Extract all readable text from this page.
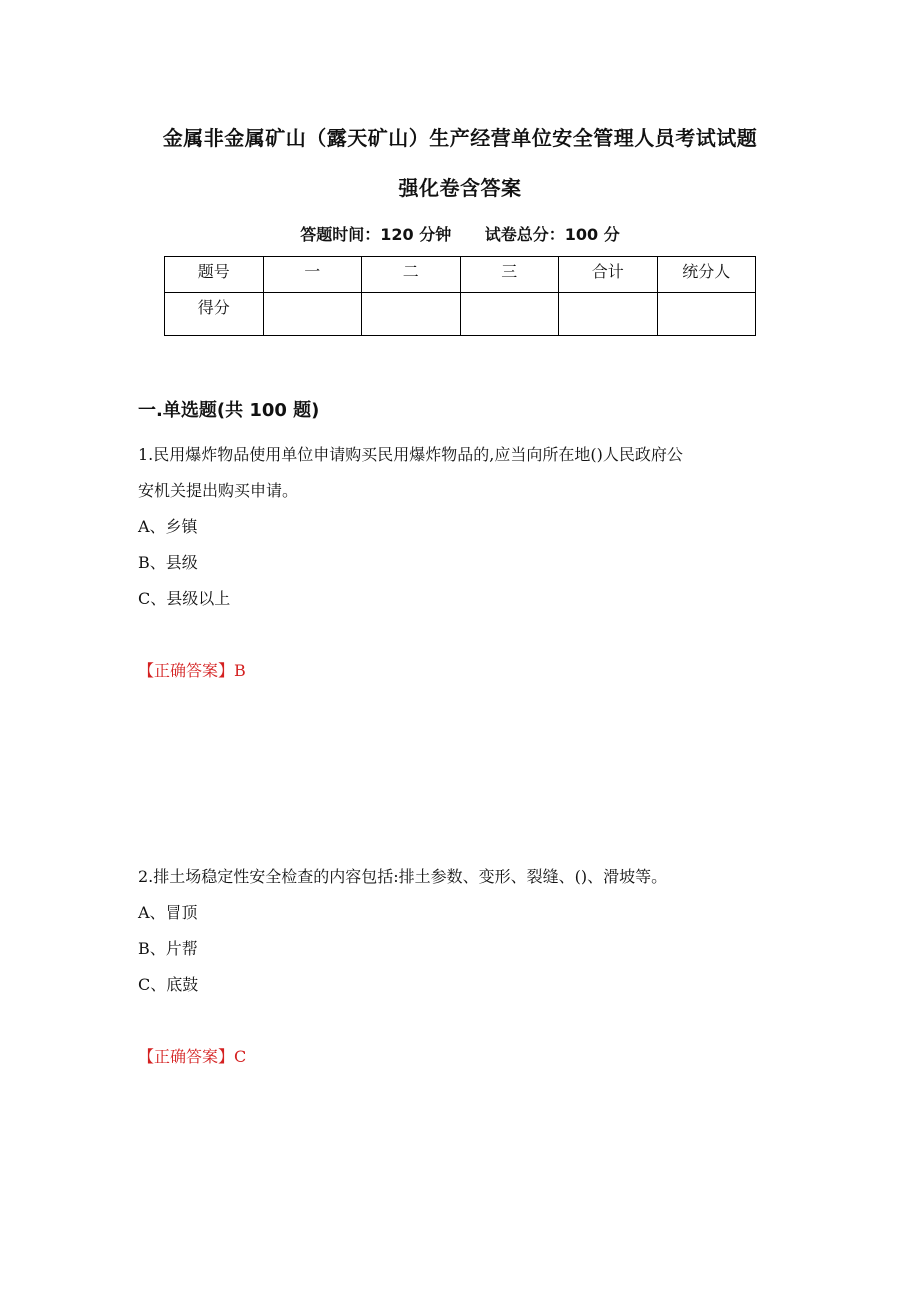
金属非金属矿山（露天矿山）生产经营单位安全管理人员考试试题
强化卷含答案
答题时间：120 分钟 试卷总分：100 分
题号	一	二	三	合计	统分人
得分					
一.单选题(共 100 题)
1.民用爆炸物品使用单位申请购买民用爆炸物品的,应当向所在地()人民政府公
安机关提出购买申请。
A、乡镇
B、县级
C、县级以上
【正确答案】B
2.排土场稳定性安全检查的内容包括:排土参数、变形、裂缝、()、滑坡等。
A、冒顶
B、片帮
C、底鼓
【正确答案】C
